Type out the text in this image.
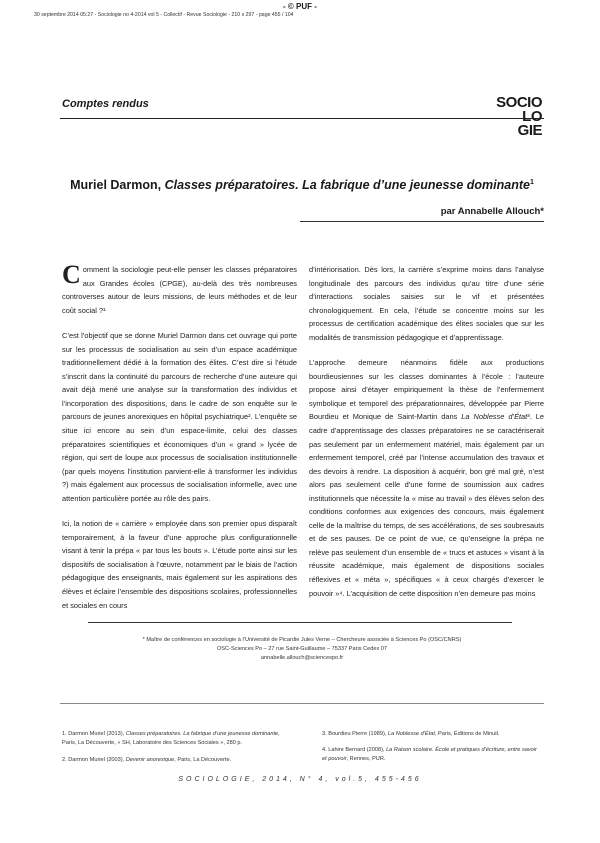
- © PUF -
30 septembre 2014 05:27 - Sociologie no 4-2014 vol 5 - Collectif - Revue Sociologie - 210 x 297 - page 455 / 104
Comptes rendus	SOCIO
LO
GIE
Muriel Darmon, Classes préparatoires. La fabrique d’une jeunesse dominante$^1$
par Annabelle Allouch*

Comment la sociologie peut-elle penser les classes préparatoires aux Grandes écoles (CPGE), au-delà des très nombreuses controverses autour de leurs missions, de leurs méthodes et de leur coût social ?¹

C’est l’objectif que se donne Muriel Darmon dans cet ouvrage qui porte sur les processus de socialisation au sein d’un espace académique traditionnellement dédié à la formation des élites. C’est dire si l’étude s’inscrit dans la continuité du parcours de recherche d’une auteure qui avait déjà mené une analyse sur la transformation des individus et l’incorporation des dispositions, dans le cadre de son enquête sur le parcours de jeunes anorexiques en hôpital psychiatrique². L’enquête se situe ici encore au sein d’un espace-limite, celui des classes préparatoires scientifiques et économiques d’un « grand » lycée de région, qui sert de loupe aux processus de socialisation institutionnelle (par quels moyens l’institution parvient-elle à transformer les individus ?) mais également aux processus de socialisation informelle, avec une attention particulière portée au rôle des pairs.

Ici, la notion de « carrière » employée dans son premier opus disparaît temporairement, à la faveur d’une approche plus configurationnelle visant à tenir la prépa « par tous les bouts ». L’étude porte ainsi sur les dispositifs de socialisation à l’œuvre, notamment par le biais de l’action pédagogique des enseignants, mais également sur les aspirations des élèves et éclaire l’ensemble des dispositions scolaires, professionnelles et sociales en cours

d’intériorisation. Dès lors, la carrière s’exprime moins dans l’analyse longitudinale des parcours des individus qu’au titre d’une série d’interactions sociales saisies sur le vif et présentées chronologiquement. En cela, l’étude se concentre moins sur les processus de certification académique des élites sociales que sur les modalités de transmission pédagogique et d’apprentissage.

L’approche demeure néanmoins fidèle aux productions bourdieusiennes sur les classes dominantes à l’école : l’auteure propose ainsi d’étayer empiriquement la thèse de l’enfermement symbolique et temporel des préparationnaires, développée par Pierre Bourdieu et Monique de Saint-Martin dans La Noblesse d’État³. Le cadre d’apprentissage des classes préparatoires ne se caractériserait pas seulement par un enfermement matériel, mais également par un enfermement temporel, créé par l’intense accumulation des travaux et des devoirs à rendre. La disposition à acquérir, bon gré mal gré, n’est alors pas seulement celle d’une forme de soumission aux cadres institutionnels que nécessite la « mise au travail » des élèves selon des conditions conformes aux exigences des concours, mais également celle de la maîtrise du temps, de ses accélérations, de ses soubresauts et de ses pauses. De ce point de vue, ce qu’enseigne la prépa ne relève pas seulement d’un ensemble de « trucs et astuces » visant à la réussite académique, mais également de dispositions sociales réflexives et « méta », spécifiques « à ceux chargés d’exercer le pouvoir »⁴. L’acquisition de cette disposition n’en demeure pas moins

* Maître de conférences en sociologie à l’Université de Picardie Jules Verne – Chercheure associée à Sciences Po (OSC/CNRS)
OSC-Sciences Po – 27 rue Saint-Guillaume – 75337 Paris Cedex 07
annabelle.allouch@sciencespo.fr
1. Darmon Muriel (2013), Classes préparatoires. La fabrique d’une jeunesse dominante, Paris, La Découverte, « SH, Laboratoire des Sciences Sociales », 280 p.
2. Darmon Muriel (2003), Devenir anorexique, Paris, La Découverte.
3. Bourdieu Pierre (1989), La Noblesse d’État, Paris, Éditions de Minuit.
4. Lahire Bernard (2008), La Raison scolaire. École et pratiques d’écriture, entre savoir et pouvoir, Rennes, PUR.
SOCIOLOGIE, 2014, N° 4, vol.5, 455-456
